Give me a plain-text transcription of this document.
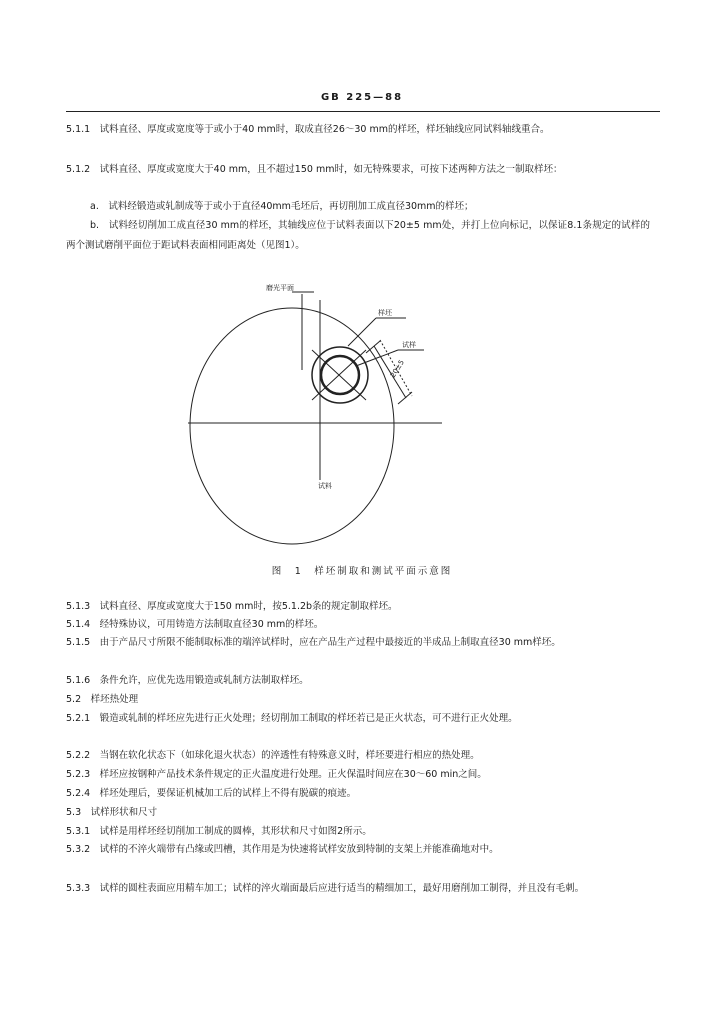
GB 225—88

5.1.1　试料直径、厚度或宽度等于或小于40 mm时，取成直径26～30 mm的样坯，样坯轴线应同试料轴线重合。

5.1.2　试料直径、厚度或宽度大于40 mm，且不超过150 mm时，如无特殊要求，可按下述两种方法之一制取样坯：

a.　试料经锻造或轧制成等于或小于直径40mm毛坯后，再切削加工成直径30mm的样坯；

b.　试料经切削加工成直径30 mm的样坯，其轴线应位于试料表面以下20±5 mm处，并打上位向标记，以保证8.1条规定的试样的两个测试磨削平面位于距试料表面相同距离处（见图1）。

磨光平面
样坯
试样
20±5
试料
图　1　样坯制取和测试平面示意图

5.1.3　试料直径、厚度或宽度大于150 mm时，按5.1.2b条的规定制取样坯。

5.1.4　经特殊协议，可用铸造方法制取直径30 mm的样坯。

5.1.5　由于产品尺寸所限不能制取标准的端淬试样时，应在产品生产过程中最接近的半成品上制取直径30 mm样坯。

5.1.6　条件允许，应优先选用锻造或轧制方法制取样坯。

5.2　样坯热处理

5.2.1　锻造或轧制的样坯应先进行正火处理；经切削加工制取的样坯若已是正火状态，可不进行正火处理。

5.2.2　当钢在软化状态下（如球化退火状态）的淬透性有特殊意义时，样坯要进行相应的热处理。

5.2.3　样坯应按钢种产品技术条件规定的正火温度进行处理。正火保温时间应在30～60 min之间。

5.2.4　样坯处理后，要保证机械加工后的试样上不得有脱碳的痕迹。

5.3　试样形状和尺寸

5.3.1　试样是用样坯经切削加工制成的圆棒，其形状和尺寸如图2所示。

5.3.2　试样的不淬火端带有凸缘或凹槽，其作用是为快速将试样安放到特制的支架上并能准确地对中。

5.3.3　试样的圆柱表面应用精车加工；试样的淬火端面最后应进行适当的精细加工，最好用磨削加工制得，并且没有毛刺。
